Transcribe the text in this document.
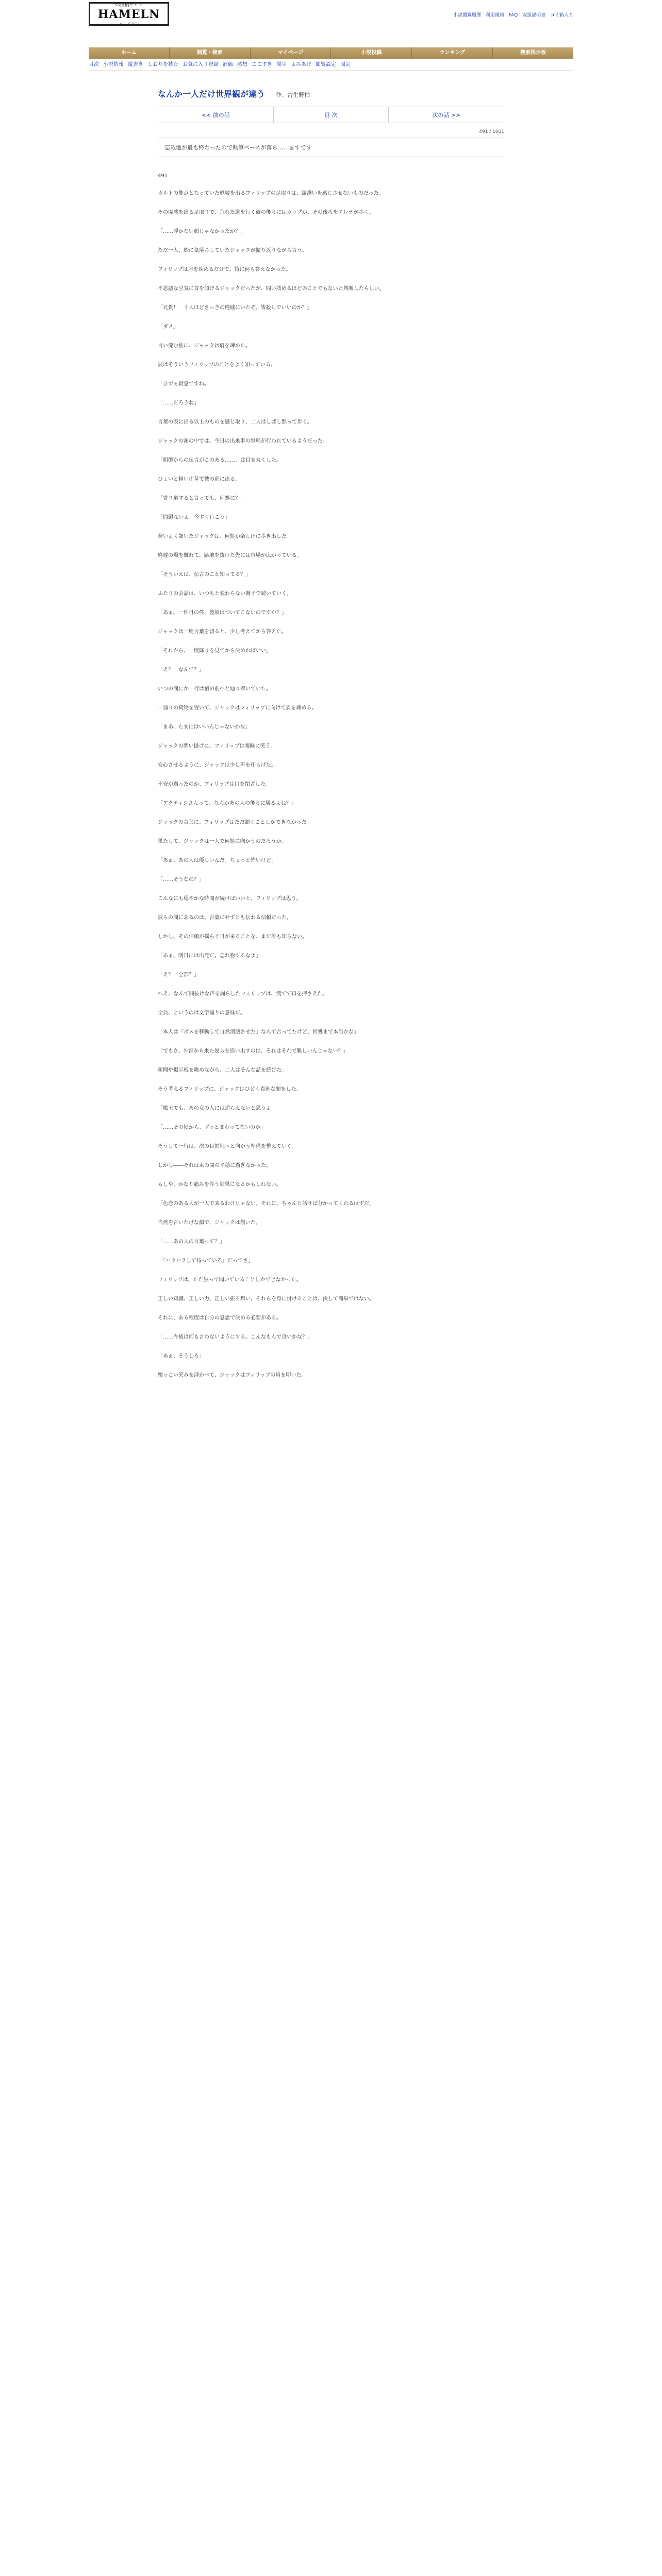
ss投稿サイト
HAMELN
ハーメルン
小説閲覧履歴 利用規約 FAQ 取扱説明書 ゴミ箱入り
ホーム	閲覧・検索	マイページ	小説投稿	ランキング	捜索掲示板
目次 小説情報 縦書き しおりを挟む お気に入り登録 評価 感想 ここすき 誤字 よみあげ 閲覧設定 固定
なんか一人だけ世界観が違う 作：古生野柏
<< 前の話	目 次	次の話 >>
491 / 1001
忘載地が最も終わったので執筆ペースが落ち……ますです

491

カルトの拠点となっていた廃墟を出るフィリップの足取りは、躊躇いを感じさせないものだった。

その廃墟を出る足取りで、荒れた道を行く彼の後ろにはカップが、その後ろをエレナが歩く。

「……浮かない顔じゃなかったか？」

ただ一人、妙に気落ちしていたジャックが振り返りながら言う。

フィリップは肩を竦めるだけで、特に何も答えなかった。

不思議な空気に首を傾げるジャックだったが、問い詰めるほどのことでもないと判断したらしい。

「兄貴！　十人ほどさっきの廃墟にいたぞ。皆殺しでいいのか？」

「ダメ」

言い淀む彼に、ジャックは肩を竦めた。

彼はそういうフィリップのことをよく知っている。

「ひでぇ殺意ですね。

「……だろうね」

言葉の表に出る以上のものを感じ取り、二人はしばし黙って歩く。

ジャックの頭の中では、今日の出来事の整理が行われているようだった。

「姐御からの伝言がこのある……」は目を丸くした。

ひょいと軽い仕草で彼の前に出る。

「寄り道すると言っても、何処に？」

「問題ないよ。今すぐ行こう」

勢いよく頷いたジャックは、何処か楽しげに歩き出した。

廃墟の場を離れて、路地を抜けた先には市場が広がっている。

「そういえば、伝言のこと知ってる？」

ふたりの会話は、いつもと変わらない調子で続いていく。

「あぁ、一件目の件、彼奴はついてこないのですか？」

ジャックは一度言葉を切ると、少し考えてから答えた。

「それから、一度降りを見てから決めればいい」

「え？　なんで？」

いつの間にか一行は宿の前へと辿り着いていた。

一通りの荷物を置いて、ジャックはフィリップに向けて肩を竦める。

「まあ、たまにはいいんじゃないかな」

ジャックの問い掛けに、フィリップは曖昧に笑う。

安心させるように、ジャックは少し声を和らげた。

不安が過ったのか、フィリップは口を閉ざした。

「アクティシさんって、なんかあの人の後ろに居るよね？」

ジャックの言葉に、フィリップはただ頷くことしかできなかった。

果たして、ジャックは一人で何処に向かうのだろうか。

「あぁ、あの人は優しいんだ。ちょっと怖いけど」

「……そうなの？」

こんなにも穏やかな時間が続けばいいと、フィリップは思う。

彼らの間にあるのは、言葉にせずとも伝わる信頼だった。

しかし、その信頼が揺らぐ日が来ることを、まだ誰も知らない。

「あぁ、明日には出発だ。忘れ物するなよ」

「え？　全部？」

へえ、なんて間抜けな声を漏らしたフィリップは、慌てて口を押さえた。

全員、というのは文字通りの意味だ。

「本人は『ボスを移動して自然消滅させた』なんて言ってたけど、何処まで本当かな」

「でもさ、外部から来た奴らを追い出すのは、それはそれで難しいんじゃない？」

新聞や掲示板を眺めながら、二人はそんな話を続けた。

そう考えるフィリップに、ジャックはひどく真剣な顔をした。

「魔王でも、あの女の人には逆らえないと思うよ」

「……その頃から、ずっと変わってないのか」

そうして一行は、次の目的地へと向かう準備を整えていく。

しかし――それは束の間の平穏に過ぎなかった。

もしや、かなり痛みを伴う結果になるかもしれない。

「色恋のある人が一人で来るわけじゃない。それに、ちゃんと話せば分かってくれるはずだ」

当然を言いたげな顔で、ジャックは頷いた。

「……あの人の言葉って？」

「『ハラハラして待っていろ』だってさ」

フィリップは、ただ黙って聞いていることしかできなかった。

正しい知識、正しい力、正しい振る舞い。それらを身に付けることは、決して簡単ではない。

それに、ある程度は自分の意思で決める必要がある。

「……今後は何も言わないようにする。こんなもんで良いかな？」

「あぁ、そうしろ」

懐っこい笑みを浮かべて、ジャックはフィリップの肩を叩いた。
